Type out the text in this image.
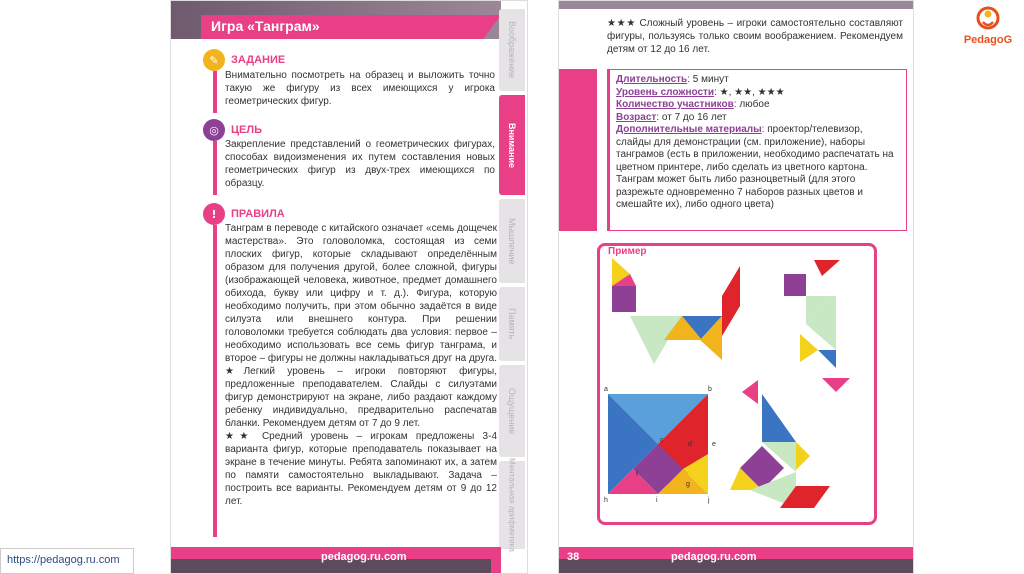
Игра «Танграм»	Воображение
Внимание
Мышление
Память
Ощущение
Ментальная арифметика
✎	ЗАДАНИЕ
Внимательно посмотреть на образец и выложить точно такую же фигуру из всех имеющихся у игрока геометрических фигур.
◎	ЦЕЛЬ
Закрепление представлений о геометрических фигурах, способах видоизменения их путем составления новых геометрических фигур из двух-трех имеющихся по образцу.
!	ПРАВИЛА
Танграм в переводе с китайского означает «семь дощечек мастерства». Это головоломка, состоящая из семи плоских фигур, которые складывают определённым образом для получения другой, более сложной, фигуры (изображающей человека, животное, предмет домашнего обихода, букву или цифру и т. д.). Фигура, которую необходимо получить, при этом обычно задаётся в виде силуэта или внешнего контура. При решении головоломки требуется соблюдать два условия: первое – необходимо использовать все семь фигур танграма, и второе – фигуры не должны накладываться друг на друга.
★Легкий уровень – игроки повторяют фигуры, предложенные преподавателем. Слайды с силуэтами фигур демонстрируют на экране, либо раздают каждому ребенку индивидуально, предварительно распечатав бланки. Рекомендуем детям от 7 до 9 лет.
★★ Средний уровень – игрокам предложены 3-4 варианта фигур, которые преподаватель показывает на экране в течение минуты. Ребята запоминают их, а затем по памяти самостоятельно выкладывают. Задача – построить все варианты. Рекомендуем детям от 9 до 12 лет.
pedagog.ru.com	37
★★★ Сложный уровень – игроки самостоятельно составляют фигуры, пользуясь только своим воображением. Рекомендуем детям от 12 до 16 лет.
Длительность: 5 минут
Уровень сложности: ★, ★★, ★★★
Количество участников: любое
Возраст: от 7 до 16 лет
Дополнительные материалы: проектор/телевизор, слайды для демонстрации (см. приложение), наборы танграмов (есть в приложении, необходимо распечатать на цветном принтере, либо сделать из цветного картона. Танграм может быть либо разноцветный (для этого разрежьте одновременно 7 наборов разных цветов и смешайте их), либо одного цвета)
Пример
a	b
c
d	e
f
g
h	i	j
38	pedagog.ru.com
PedagoG
https://pedagog.ru.com
